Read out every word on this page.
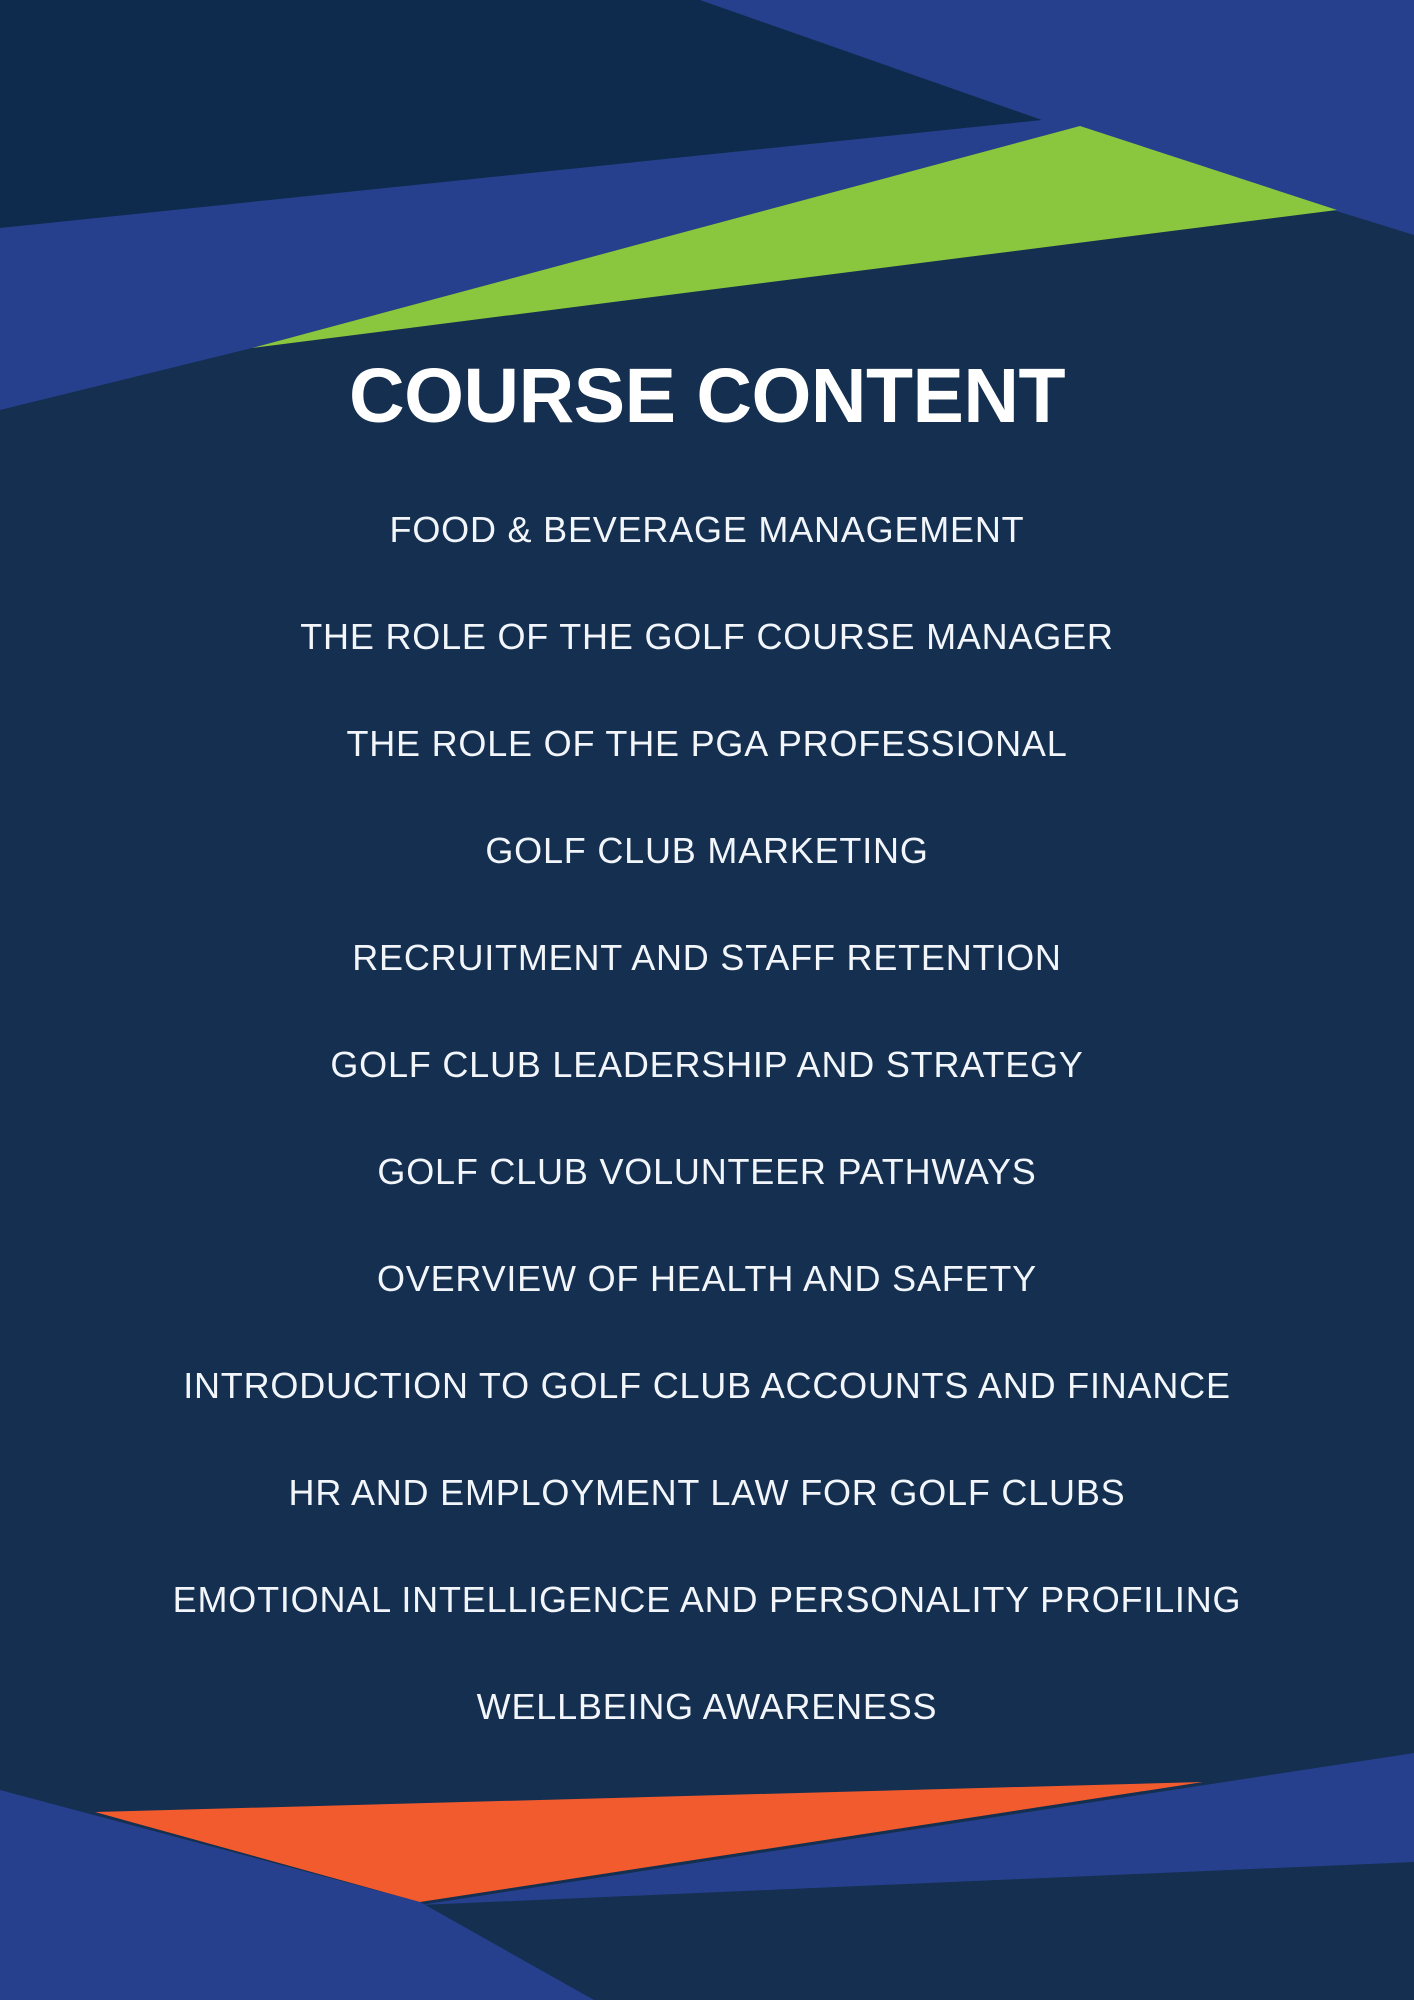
COURSE CONTENT
FOOD & BEVERAGE MANAGEMENT
THE ROLE OF THE GOLF COURSE MANAGER
THE ROLE OF THE PGA PROFESSIONAL
GOLF CLUB MARKETING
RECRUITMENT AND STAFF RETENTION
GOLF CLUB LEADERSHIP AND STRATEGY
GOLF CLUB VOLUNTEER PATHWAYS
OVERVIEW OF HEALTH AND SAFETY
INTRODUCTION TO GOLF CLUB ACCOUNTS AND FINANCE
HR AND EMPLOYMENT LAW FOR GOLF CLUBS
EMOTIONAL INTELLIGENCE AND PERSONALITY PROFILING
WELLBEING AWARENESS
